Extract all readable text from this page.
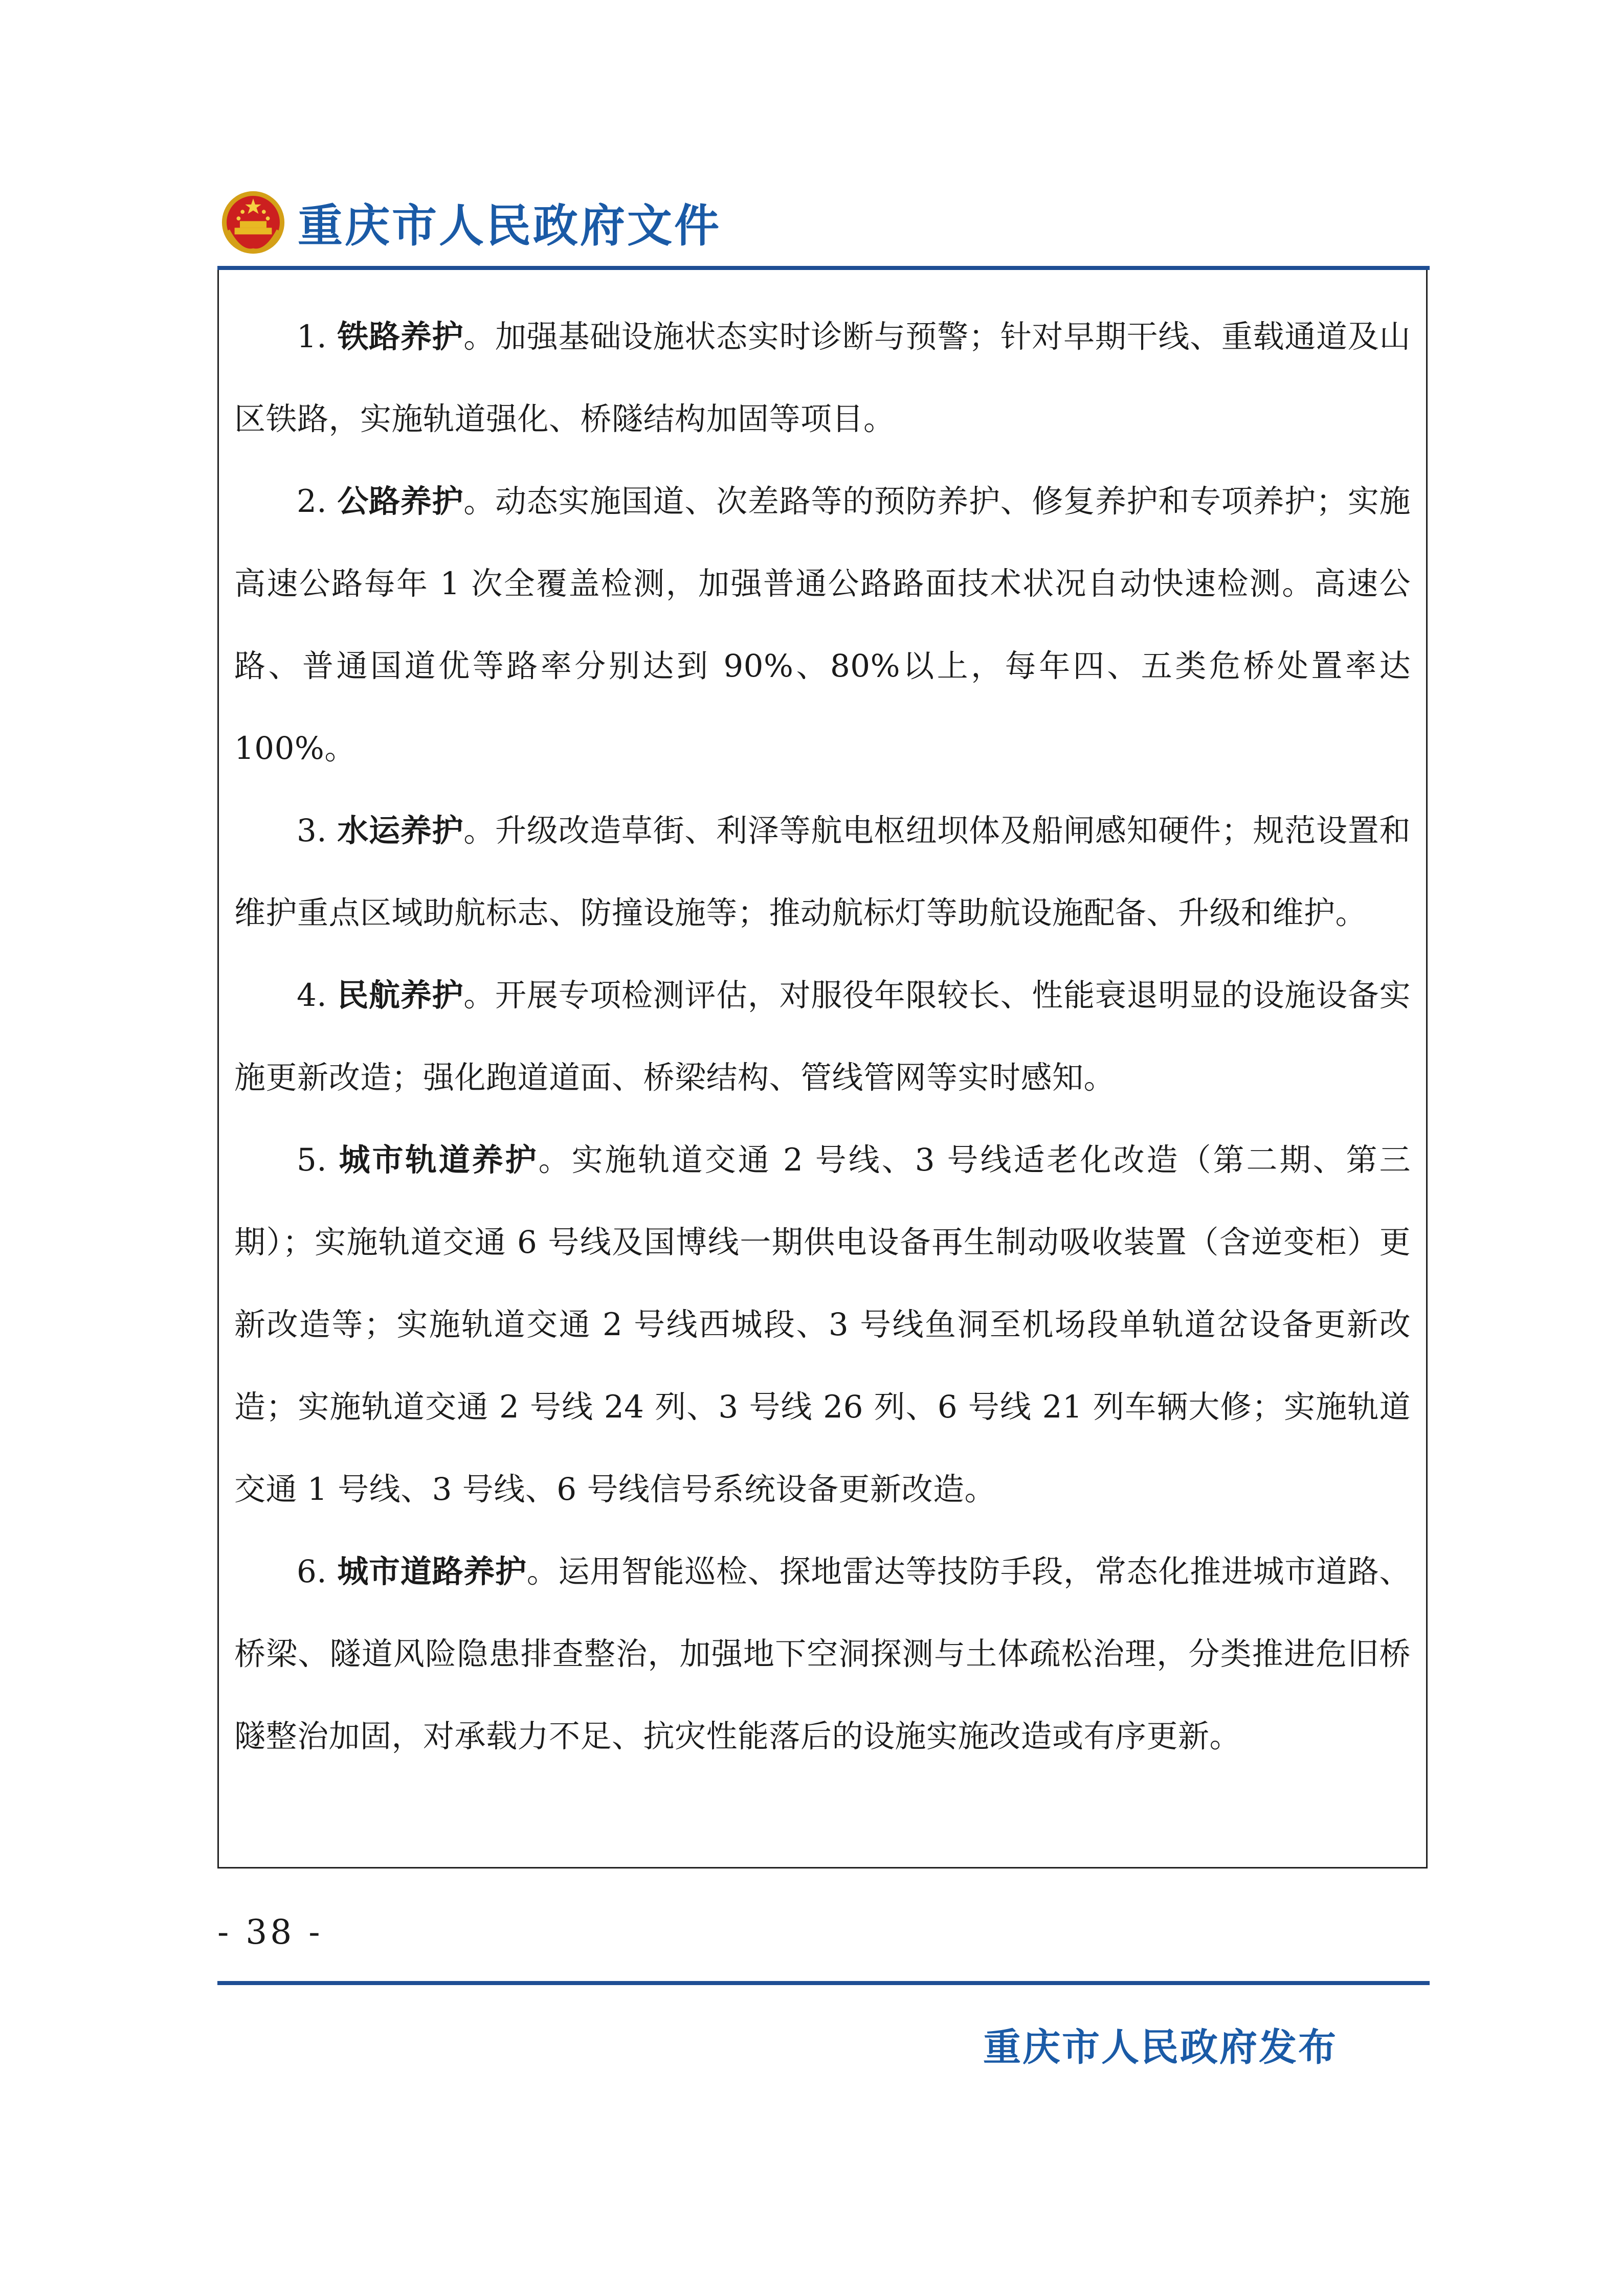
重庆市人民政府文件

1. 铁路养护。加强基础设施状态实时诊断与预警；针对早期干线、重载通道及山区铁路，实施轨道强化、桥隧结构加固等项目。

2. 公路养护。动态实施国道、次差路等的预防养护、修复养护和专项养护；实施高速公路每年 1 次全覆盖检测，加强普通公路路面技术状况自动快速检测。高速公路、普通国道优等路率分别达到 90%、80%以上，每年四、五类危桥处置率达 100%。

3. 水运养护。升级改造草街、利泽等航电枢纽坝体及船闸感知硬件；规范设置和维护重点区域助航标志、防撞设施等；推动航标灯等助航设施配备、升级和维护。

4. 民航养护。开展专项检测评估，对服役年限较长、性能衰退明显的设施设备实施更新改造；强化跑道道面、桥梁结构、管线管网等实时感知。

5. 城市轨道养护。实施轨道交通 2 号线、3 号线适老化改造（第二期、第三期）；实施轨道交通 6 号线及国博线一期供电设备再生制动吸收装置（含逆变柜）更新改造等；实施轨道交通 2 号线西城段、3 号线鱼洞至机场段单轨道岔设备更新改造；实施轨道交通 2 号线 24 列、3 号线 26 列、6 号线 21 列车辆大修；实施轨道交通 1 号线、3 号线、6 号线信号系统设备更新改造。

6. 城市道路养护。运用智能巡检、探地雷达等技防手段，常态化推进城市道路、桥梁、隧道风险隐患排查整治，加强地下空洞探测与土体疏松治理，分类推进危旧桥隧整治加固，对承载力不足、抗灾性能落后的设施实施改造或有序更新。

- 38 -
重庆市人民政府发布
